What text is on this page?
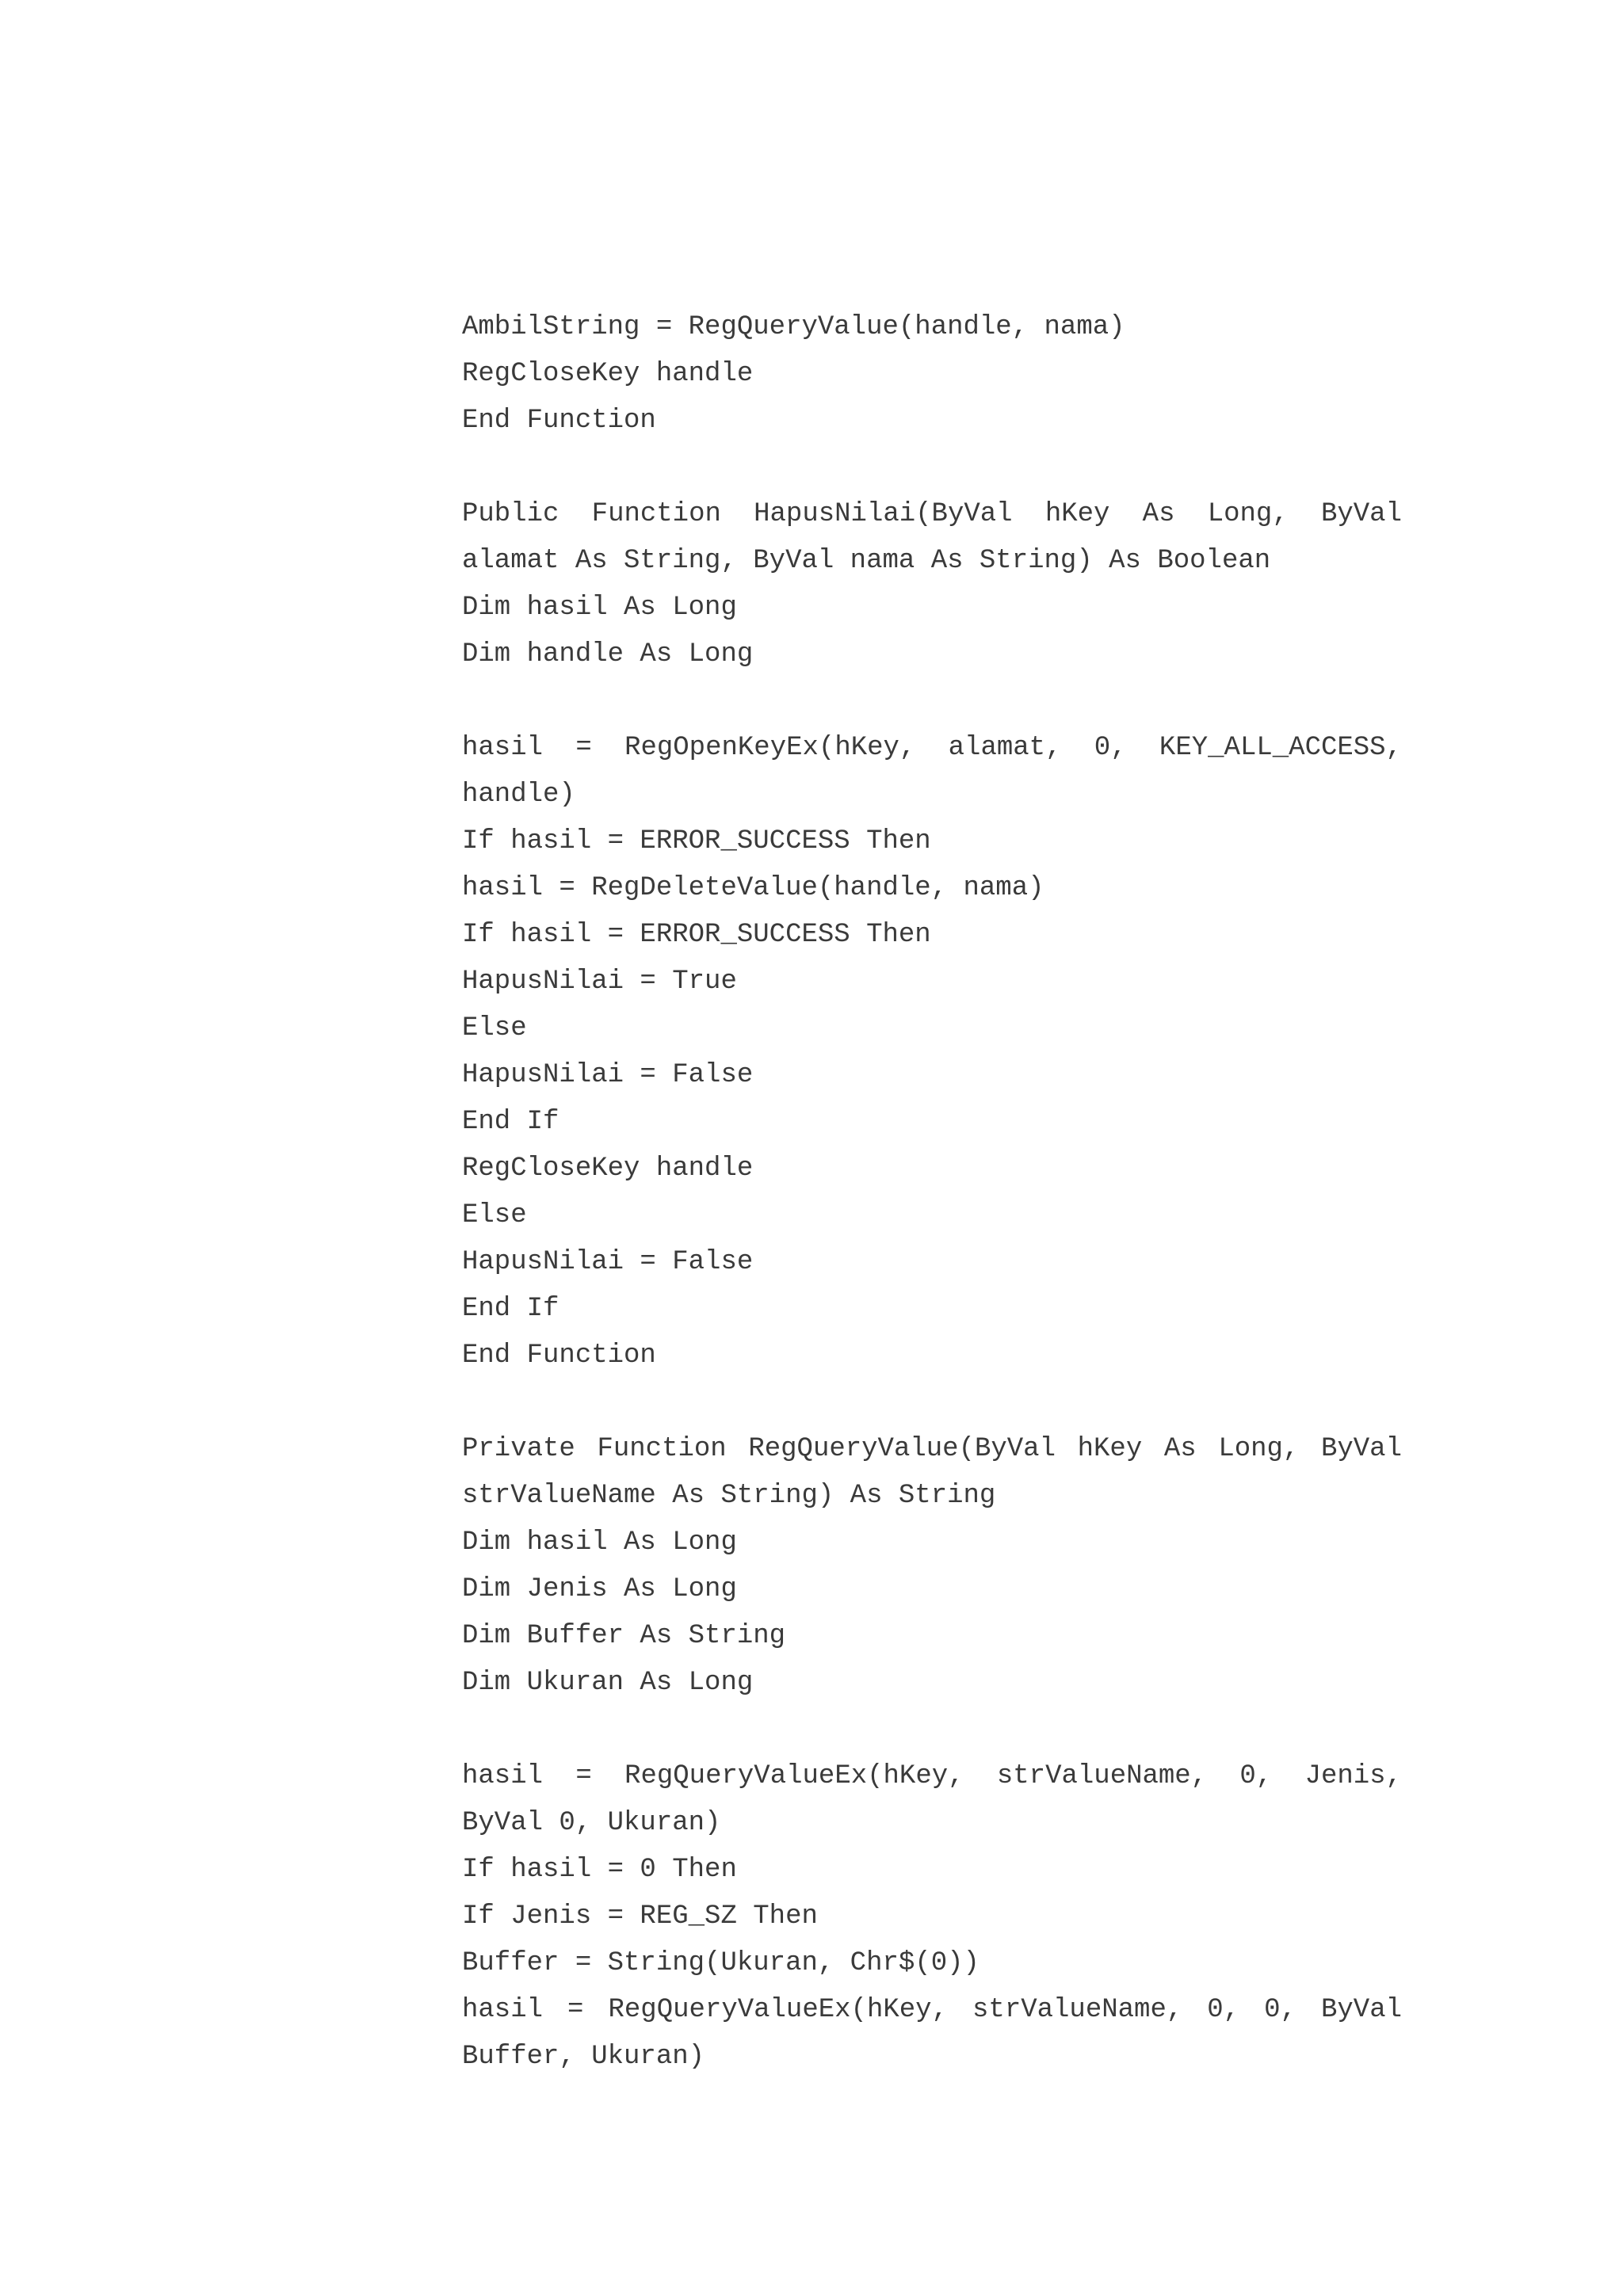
AmbilString = RegQueryValue(handle, nama)
RegCloseKey handle
End Function
Public Function HapusNilai(ByVal hKey As Long, ByVal
alamat As String, ByVal nama As String) As Boolean
Dim hasil As Long
Dim handle As Long
hasil = RegOpenKeyEx(hKey, alamat, 0, KEY_ALL_ACCESS,
handle)
If hasil = ERROR_SUCCESS Then
hasil = RegDeleteValue(handle, nama)
If hasil = ERROR_SUCCESS Then
HapusNilai = True
Else
HapusNilai = False
End If
RegCloseKey handle
Else
HapusNilai = False
End If
End Function
Private Function RegQueryValue(ByVal hKey As Long, ByVal
strValueName As String) As String
Dim hasil As Long
Dim Jenis As Long
Dim Buffer As String
Dim Ukuran As Long
hasil = RegQueryValueEx(hKey, strValueName, 0, Jenis,
ByVal 0, Ukuran)
If hasil = 0 Then
If Jenis = REG_SZ Then
Buffer = String(Ukuran, Chr$(0))
hasil = RegQueryValueEx(hKey, strValueName, 0, 0, ByVal
Buffer, Ukuran)
